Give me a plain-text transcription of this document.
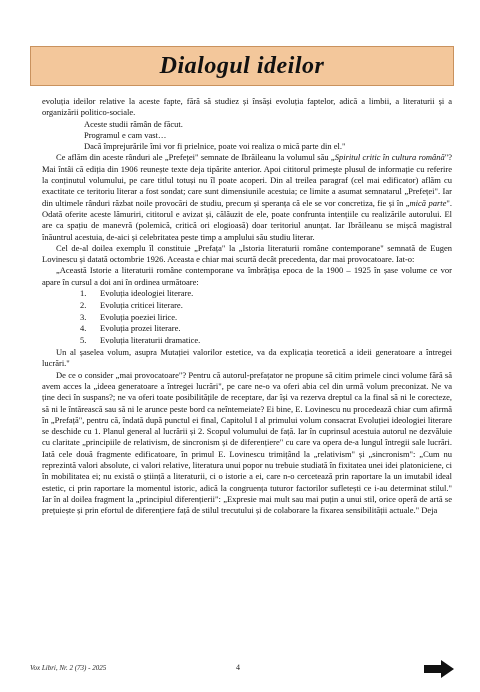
Dialogul ideilor

evoluția ideilor relative la aceste fapte, fără să studiez și însăși evoluția faptelor, adică a limbii, a literaturii și a organizării politico-sociale.

Aceste studii rămân de făcut.

Programul e cam vast…

Dacă împrejurările îmi vor fi prielnice, poate voi realiza o mică parte din el."

Ce aflăm din aceste rânduri ale „Prefeței" semnate de Ibrăileanu la volumul său „Spiritul critic în cultura română"? Mai întâi că ediția din 1906 reunește texte deja tipărite anterior. Apoi cititorul primește plusul de informație cu referire la conținutul volumului, pe care titlul totuși nu îl poate acoperi. Din al treilea paragraf (cel mai edificator) aflăm cu exactitate ce teritoriu literar a fost sondat; care sunt dimensiunile acestuia; ce limite a asumat semnatarul „Prefeței". Iar din ultimele rânduri răzbat noile provocări de studiu, precum și speranța că ele se vor concretiza, fie și în „mică parte". Odată oferite aceste lămuriri, cititorul e avizat și, călăuzit de ele, poate confrunta intențiile cu realizările autorului. El are ca spațiu de manevră (polemică, critică ori elogioasă) doar teritoriul anunțat. Iar Ibrăileanu se mișcă magistral înăuntrul acestuia, de-aici și celebritatea peste timp a amplului său studiu literar.

Cel de-al doilea exemplu îl constituie „Prefața" la „Istoria literaturii române contemporane" semnată de Eugen Lovinescu și datată octombrie 1926. Aceasta e chiar mai scurtă decât precedenta, dar mai provocatoare. Iat-o:

„Această Istorie a literaturii române contemporane va îmbrățișa epoca de la 1900 – 1925 în șase volume ce vor apare în cursul a doi ani în ordinea următoare:

1.	Evoluția ideologiei literare.
2.	Evoluția criticei literare.
3.	Evoluția poeziei lirice.
4.	Evoluția prozei literare.
5.	Evoluția literaturii dramatice.

Un al șaselea volum, asupra Mutației valorilor estetice, va da explicația teoretică a ideii generatoare a întregei lucrări."

De ce o consider „mai provocatoare"? Pentru că autorul-prefațator ne propune să citim primele cinci volume fără să avem acces la „ideea generatoare a întregei lucrări", pe care ne-o va oferi abia cel din urmă volum preconizat. Ne va ține deci în suspans?; ne va oferi toate posibilitățile de receptare, dar își va rezerva dreptul ca la final să ni le corecteze, să ni le întărească sau să ni le arunce peste bord ca neîntemeiate? Ei bine, E. Lovinescu nu procedează chiar cum afirmă în „Prefață", pentru că, îndată după punctul ei final, Capitolul I al primului volum consacrat Evoluției ideologiei literare se deschide cu 1. Planul general al lucrării și 2. Scopul volumului de față. Iar în cuprinsul acestuia autorul ne dezvăluie cu claritate „principiile de relativism, de sincronism și de diferențiere" cu care va opera de-a lungul întregii sale lucrări. Iată cele două fragmente edificatoare, în primul E. Lovinescu trimițând la „relativism" și „sincronism": „Cum nu reprezintă valori absolute, ci valori relative, literatura unui popor nu trebuie studiată în fixitatea unei idei platoniciene, ci în mobilitatea ei; nu există o știință a literaturii, ci o istorie a ei, care n-o cercetează prin raportare la un imutabil ideal estetic, ci prin raportare la momentul istoric, adică la congruența tuturor factorilor sufletești ce i-au determinat stilul." Iar în al doilea fragment la „principiul diferențierii": „Expresie mai mult sau mai puțin a unui stil, orice operă de artă se prețuiește și prin efortul de diferențiere față de stilul trecutului și de colaborare la fixarea sensibilității actuale." Deja

Vox Libri, Nr. 2 (73) - 2025	4
